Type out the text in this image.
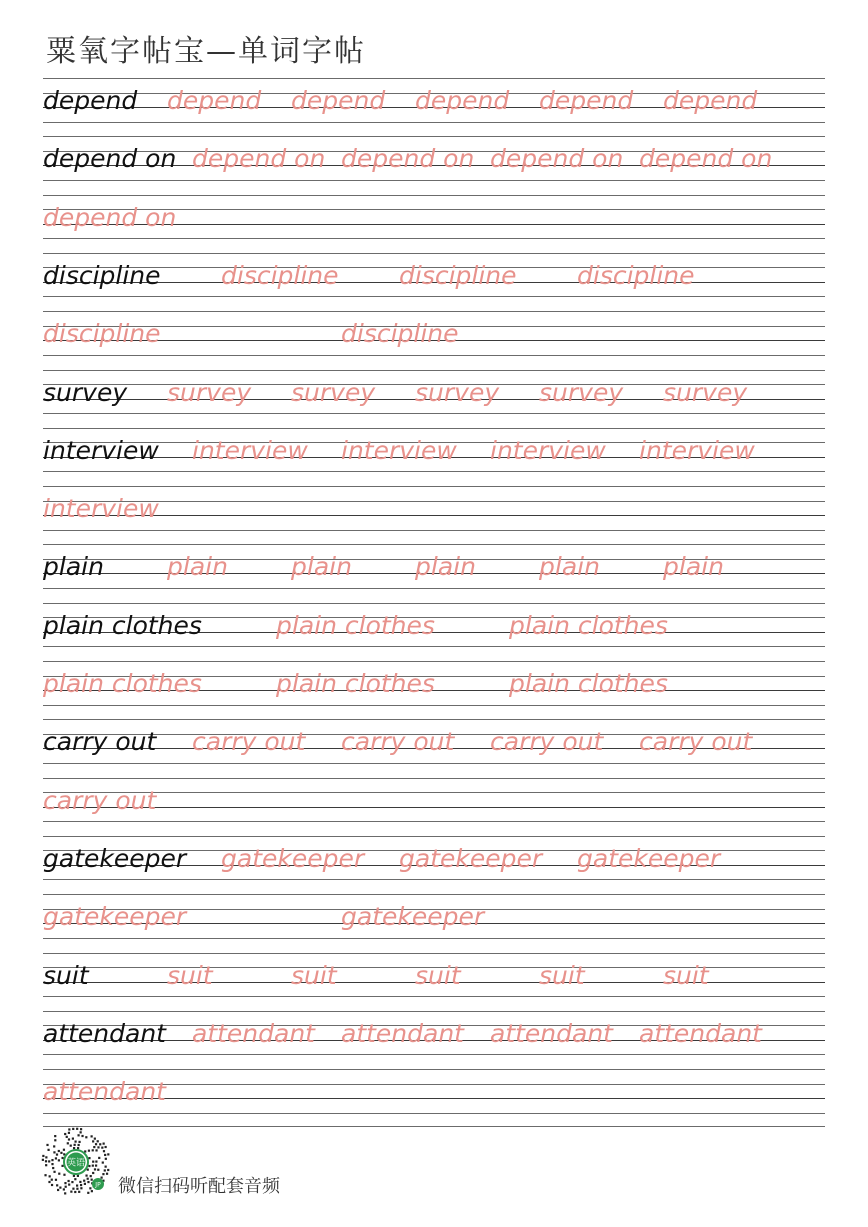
粟氧字帖宝—单词字帖
depend depend depend depend depend depend
depend on depend on depend on depend on depend on
depend on
discipline discipline discipline discipline
discipline	discipline
survey survey survey survey survey survey
interview interview interview interview interview
interview
plain	plain	plain	plain	plain	plain
plain clothes	plain clothes	plain clothes
plain clothes	plain clothes	plain clothes
carry out carry out carry out carry out carry out
carry out
gatekeeper gatekeeper gatekeeper gatekeeper
gatekeeper	gatekeeper
suit	suit	suit	suit	suit	suit
attendant attendant attendant attendant attendant
attendant
英语
JP 微信扫码听配套音频
